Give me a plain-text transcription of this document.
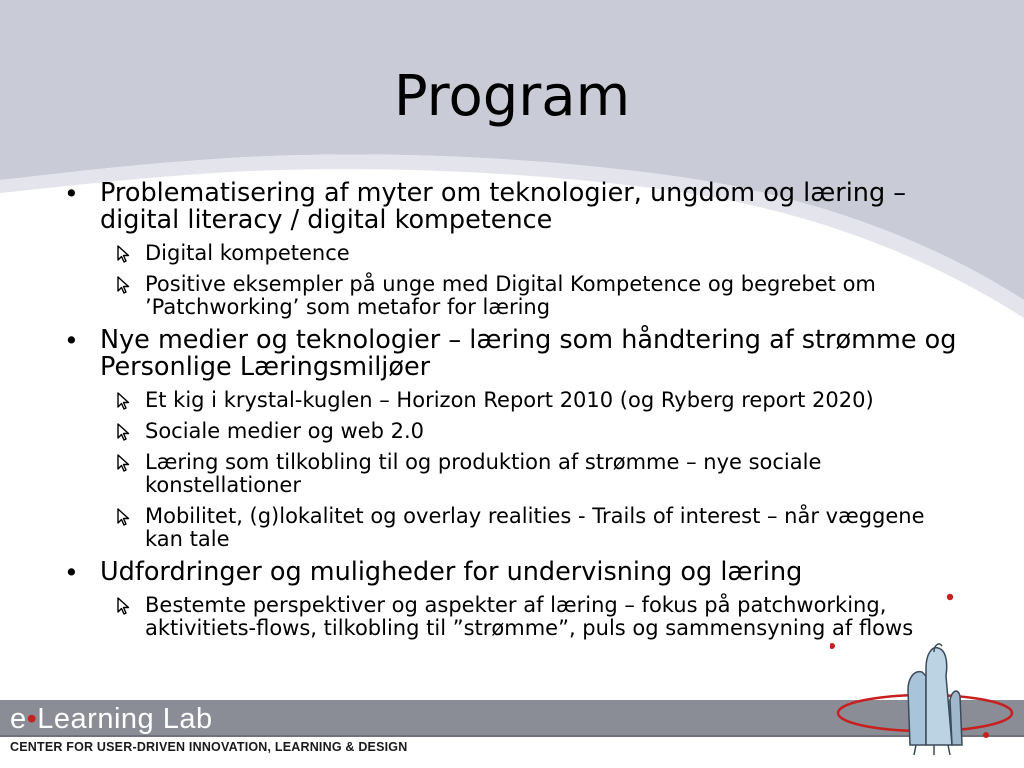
Program
• Problematisering af myter om teknologier, ungdom og læring – digital literacy / digital kompetence
Digital kompetence
Positive eksempler på unge med Digital Kompetence og begrebet om ’Patchworking’ som metafor for læring
• Nye medier og teknologier – læring som håndtering af strømme og Personlige Læringsmiljøer
Et kig i krystal-kuglen – Horizon Report 2010 (og Ryberg report 2020)
Sociale medier og web 2.0
Læring som tilkobling til og produktion af strømme – nye sociale konstellationer
Mobilitet, (g)lokalitet og overlay realities - Trails of interest – når væggene kan tale
• Udfordringer og muligheder for undervisning og læring
Bestemte perspektiver og aspekter af læring – fokus på patchworking, aktivitiets-flows, tilkobling til ”strømme”, puls og sammensyning af flows
e•Learning Lab
CENTER FOR USER-DRIVEN INNOVATION, LEARNING & DESIGN
